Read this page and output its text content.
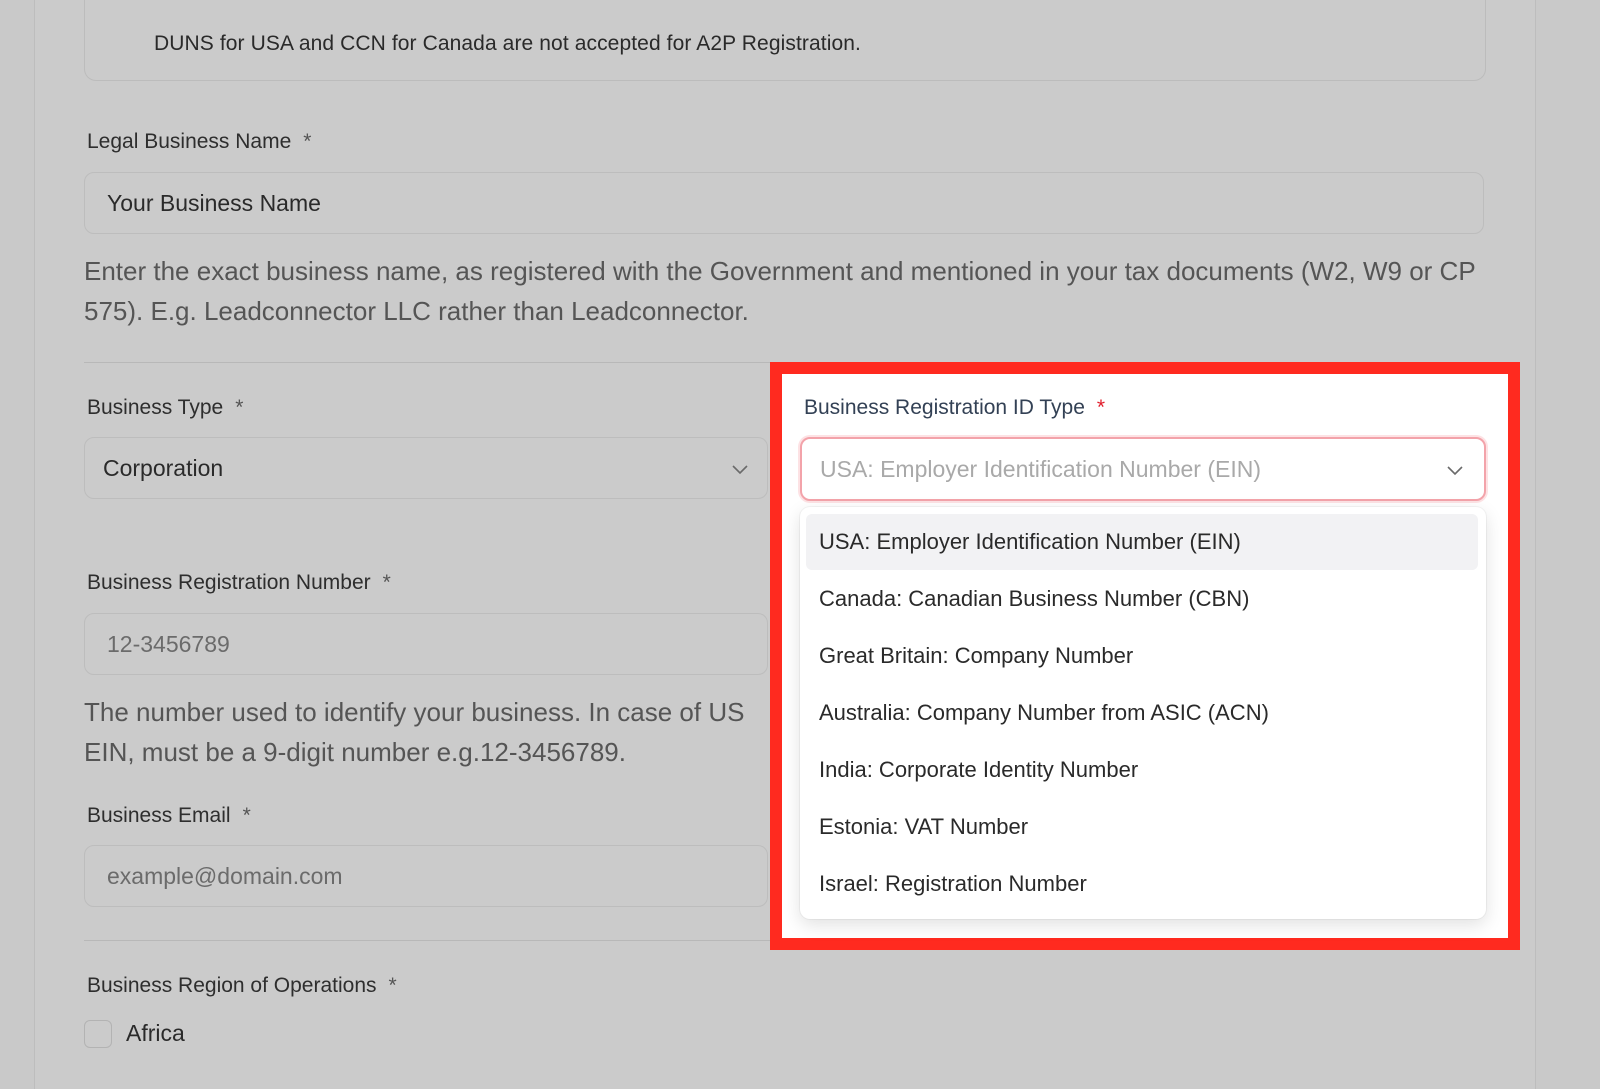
DUNS for USA and CCN for Canada are not accepted for A2P Registration.
Legal Business Name *
Your Business Name
Enter the exact business name, as registered with the Government and mentioned in your tax documents (W2, W9 or CP 575). E.g. Leadconnector LLC rather than Leadconnector.
Business Type *
Corporation
Business Registration Number *
12-3456789
The number used to identify your business. In case of US EIN, must be a 9-digit number e.g.12-3456789.
Business Email *
example@domain.com
Business Region of Operations *
Africa
Business Registration ID Type *
USA: Employer Identification Number (EIN)
USA: Employer Identification Number (EIN)
Canada: Canadian Business Number (CBN)
Great Britain: Company Number
Australia: Company Number from ASIC (ACN)
India: Corporate Identity Number
Estonia: VAT Number
Israel: Registration Number
